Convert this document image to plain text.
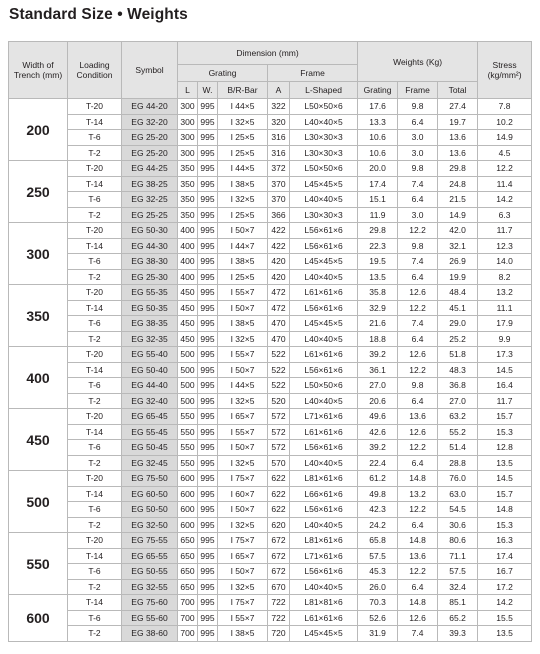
Standard Size • Weights
Width of Trench (mm)	Loading Condition	Symbol	Dimension (mm)					Weights (Kg)			Stress (kg/mm²)
			Grating			Frame					
			L	W.	B/R-Bar	A	L-Shaped	Grating	Frame	Total	
200	T-20	EG 44-20	300	995	I 44×5	322	L50×50×6	17.6	9.8	27.4	7.8
	T-14	EG 32-20	300	995	I 32×5	320	L40×40×5	13.3	6.4	19.7	10.2
	T-6	EG 25-20	300	995	I 25×5	316	L30×30×3	10.6	3.0	13.6	14.9
	T-2	EG 25-20	300	995	I 25×5	316	L30×30×3	10.6	3.0	13.6	4.5
250	T-20	EG 44-25	350	995	I 44×5	372	L50×50×6	20.0	9.8	29.8	12.2
	T-14	EG 38-25	350	995	I 38×5	370	L45×45×5	17.4	7.4	24.8	11.4
	T-6	EG 32-25	350	995	I 32×5	370	L40×40×5	15.1	6.4	21.5	14.2
	T-2	EG 25-25	350	995	I 25×5	366	L30×30×3	11.9	3.0	14.9	6.3
300	T-20	EG 50-30	400	995	I 50×7	422	L56×61×6	29.8	12.2	42.0	11.7
	T-14	EG 44-30	400	995	I 44×7	422	L56×61×6	22.3	9.8	32.1	12.3
	T-6	EG 38-30	400	995	I 38×5	420	L45×45×5	19.5	7.4	26.9	14.0
	T-2	EG 25-30	400	995	I 25×5	420	L40×40×5	13.5	6.4	19.9	8.2
350	T-20	EG 55-35	450	995	I 55×7	472	L61×61×6	35.8	12.6	48.4	13.2
	T-14	EG 50-35	450	995	I 50×7	472	L56×61×6	32.9	12.2	45.1	11.1
	T-6	EG 38-35	450	995	I 38×5	470	L45×45×5	21.6	7.4	29.0	17.9
	T-2	EG 32-35	450	995	I 32×5	470	L40×40×5	18.8	6.4	25.2	9.9
400	T-20	EG 55-40	500	995	I 55×7	522	L61×61×6	39.2	12.6	51.8	17.3
	T-14	EG 50-40	500	995	I 50×7	522	L56×61×6	36.1	12.2	48.3	14.5
	T-6	EG 44-40	500	995	I 44×5	522	L50×50×6	27.0	9.8	36.8	16.4
	T-2	EG 32-40	500	995	I 32×5	520	L40×40×5	20.6	6.4	27.0	11.7
450	T-20	EG 65-45	550	995	I 65×7	572	L71×61×6	49.6	13.6	63.2	15.7
	T-14	EG 55-45	550	995	I 55×7	572	L61×61×6	42.6	12.6	55.2	15.3
	T-6	EG 50-45	550	995	I 50×7	572	L56×61×6	39.2	12.2	51.4	12.8
	T-2	EG 32-45	550	995	I 32×5	570	L40×40×5	22.4	6.4	28.8	13.5
500	T-20	EG 75-50	600	995	I 75×7	622	L81×61×6	61.2	14.8	76.0	14.5
	T-14	EG 60-50	600	995	I 60×7	622	L66×61×6	49.8	13.2	63.0	15.7
	T-6	EG 50-50	600	995	I 50×7	622	L56×61×6	42.3	12.2	54.5	14.8
	T-2	EG 32-50	600	995	I 32×5	620	L40×40×5	24.2	6.4	30.6	15.3
550	T-20	EG 75-55	650	995	I 75×7	672	L81×61×6	65.8	14.8	80.6	16.3
	T-14	EG 65-55	650	995	I 65×7	672	L71×61×6	57.5	13.6	71.1	17.4
	T-6	EG 50-55	650	995	I 50×7	672	L56×61×6	45.3	12.2	57.5	16.7
	T-2	EG 32-55	650	995	I 32×5	670	L40×40×5	26.0	6.4	32.4	17.2
600	T-14	EG 75-60	700	995	I 75×7	722	L81×81×6	70.3	14.8	85.1	14.2
	T-6	EG 55-60	700	995	I 55×7	722	L61×61×6	52.6	12.6	65.2	15.5
	T-2	EG 38-60	700	995	I 38×5	720	L45×45×5	31.9	7.4	39.3	13.5
